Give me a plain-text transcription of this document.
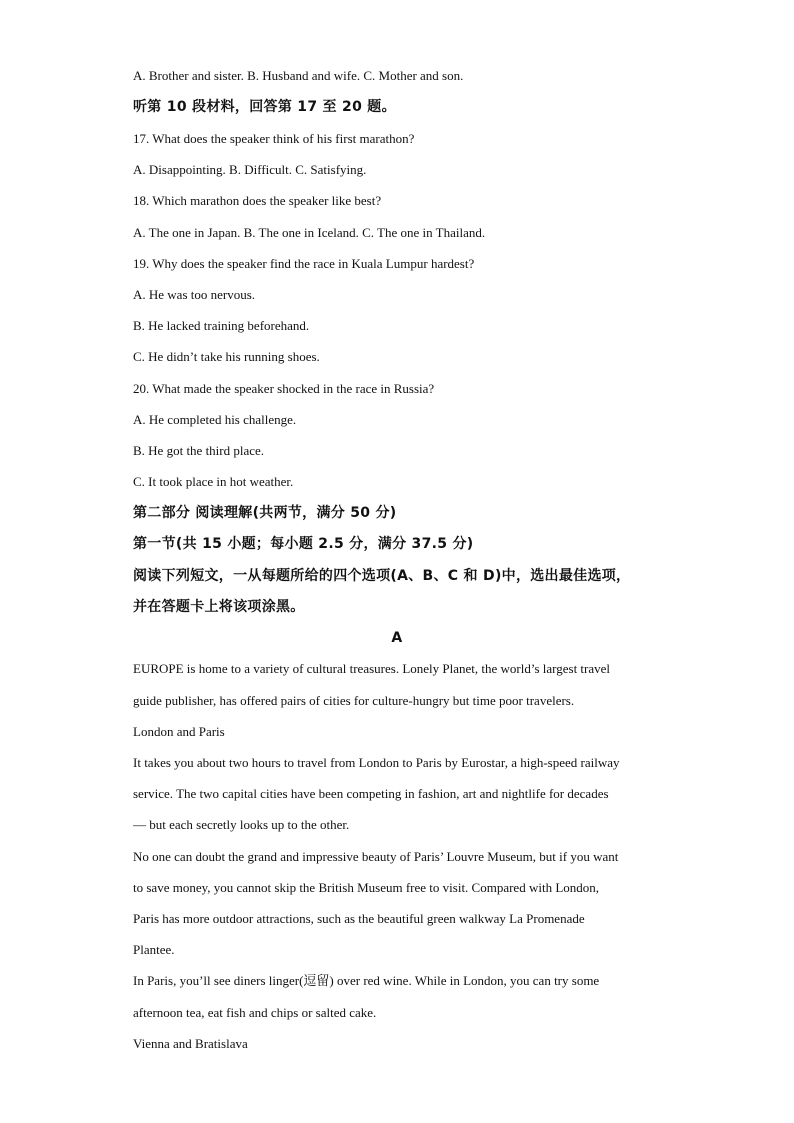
A. Brother and sister. B. Husband and wife. C. Mother and son.
听第 10 段材料，回答第 17 至 20 题。
17. What does the speaker think of his first marathon?
A. Disappointing. B. Difficult. C. Satisfying.
18. Which marathon does the speaker like best?
A. The one in Japan. B. The one in Iceland. C. The one in Thailand.
19. Why does the speaker find the race in Kuala Lumpur hardest?
A. He was too nervous.
B. He lacked training beforehand.
C. He didn’t take his running shoes.
20. What made the speaker shocked in the race in Russia?
A. He completed his challenge.
B. He got the third place.
C. It took place in hot weather.
第二部分 阅读理解(共两节，满分 50 分)
第一节(共 15 小题；每小题 2.5 分，满分 37.5 分)
阅读下列短文，一从每题所给的四个选项(A、B、C 和 D)中，选出最佳选项，
并在答题卡上将该项涂黑。
A
EUROPE is home to a variety of cultural treasures. Lonely Planet, the world’s largest travel
guide publisher, has offered pairs of cities for culture-hungry but time poor travelers.
London and Paris
It takes you about two hours to travel from London to Paris by Eurostar, a high-speed railway
service. The two capital cities have been competing in fashion, art and nightlife for decades
— but each secretly looks up to the other.
No one can doubt the grand and impressive beauty of Paris’ Louvre Museum, but if you want
to save money, you cannot skip the British Museum free to visit. Compared with London,
Paris has more outdoor attractions, such as the beautiful green walkway La Promenade
Plantee.
In Paris, you’ll see diners linger(逗留) over red wine. While in London, you can try some
afternoon tea, eat fish and chips or salted cake.
Vienna and Bratislava
